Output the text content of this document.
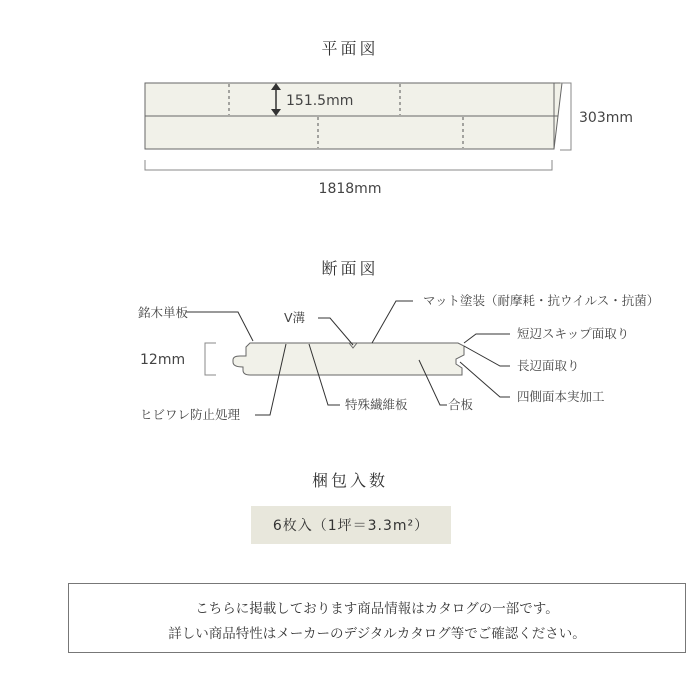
平面図
断面図
梱包入数
151.5mm
303mm
1818mm
12mm
銘木単板	V溝
マット塗装（耐摩耗・抗ウイルス・抗菌）
短辺スキップ面取り
長辺面取り
四側面本実加工
ヒビワレ防止処理
特殊繊維板	合板
6枚入（1坪＝3.3m²）
こちらに掲載しております商品情報はカタログの一部です。
詳しい商品特性はメーカーのデジタルカタログ等でご確認ください。
